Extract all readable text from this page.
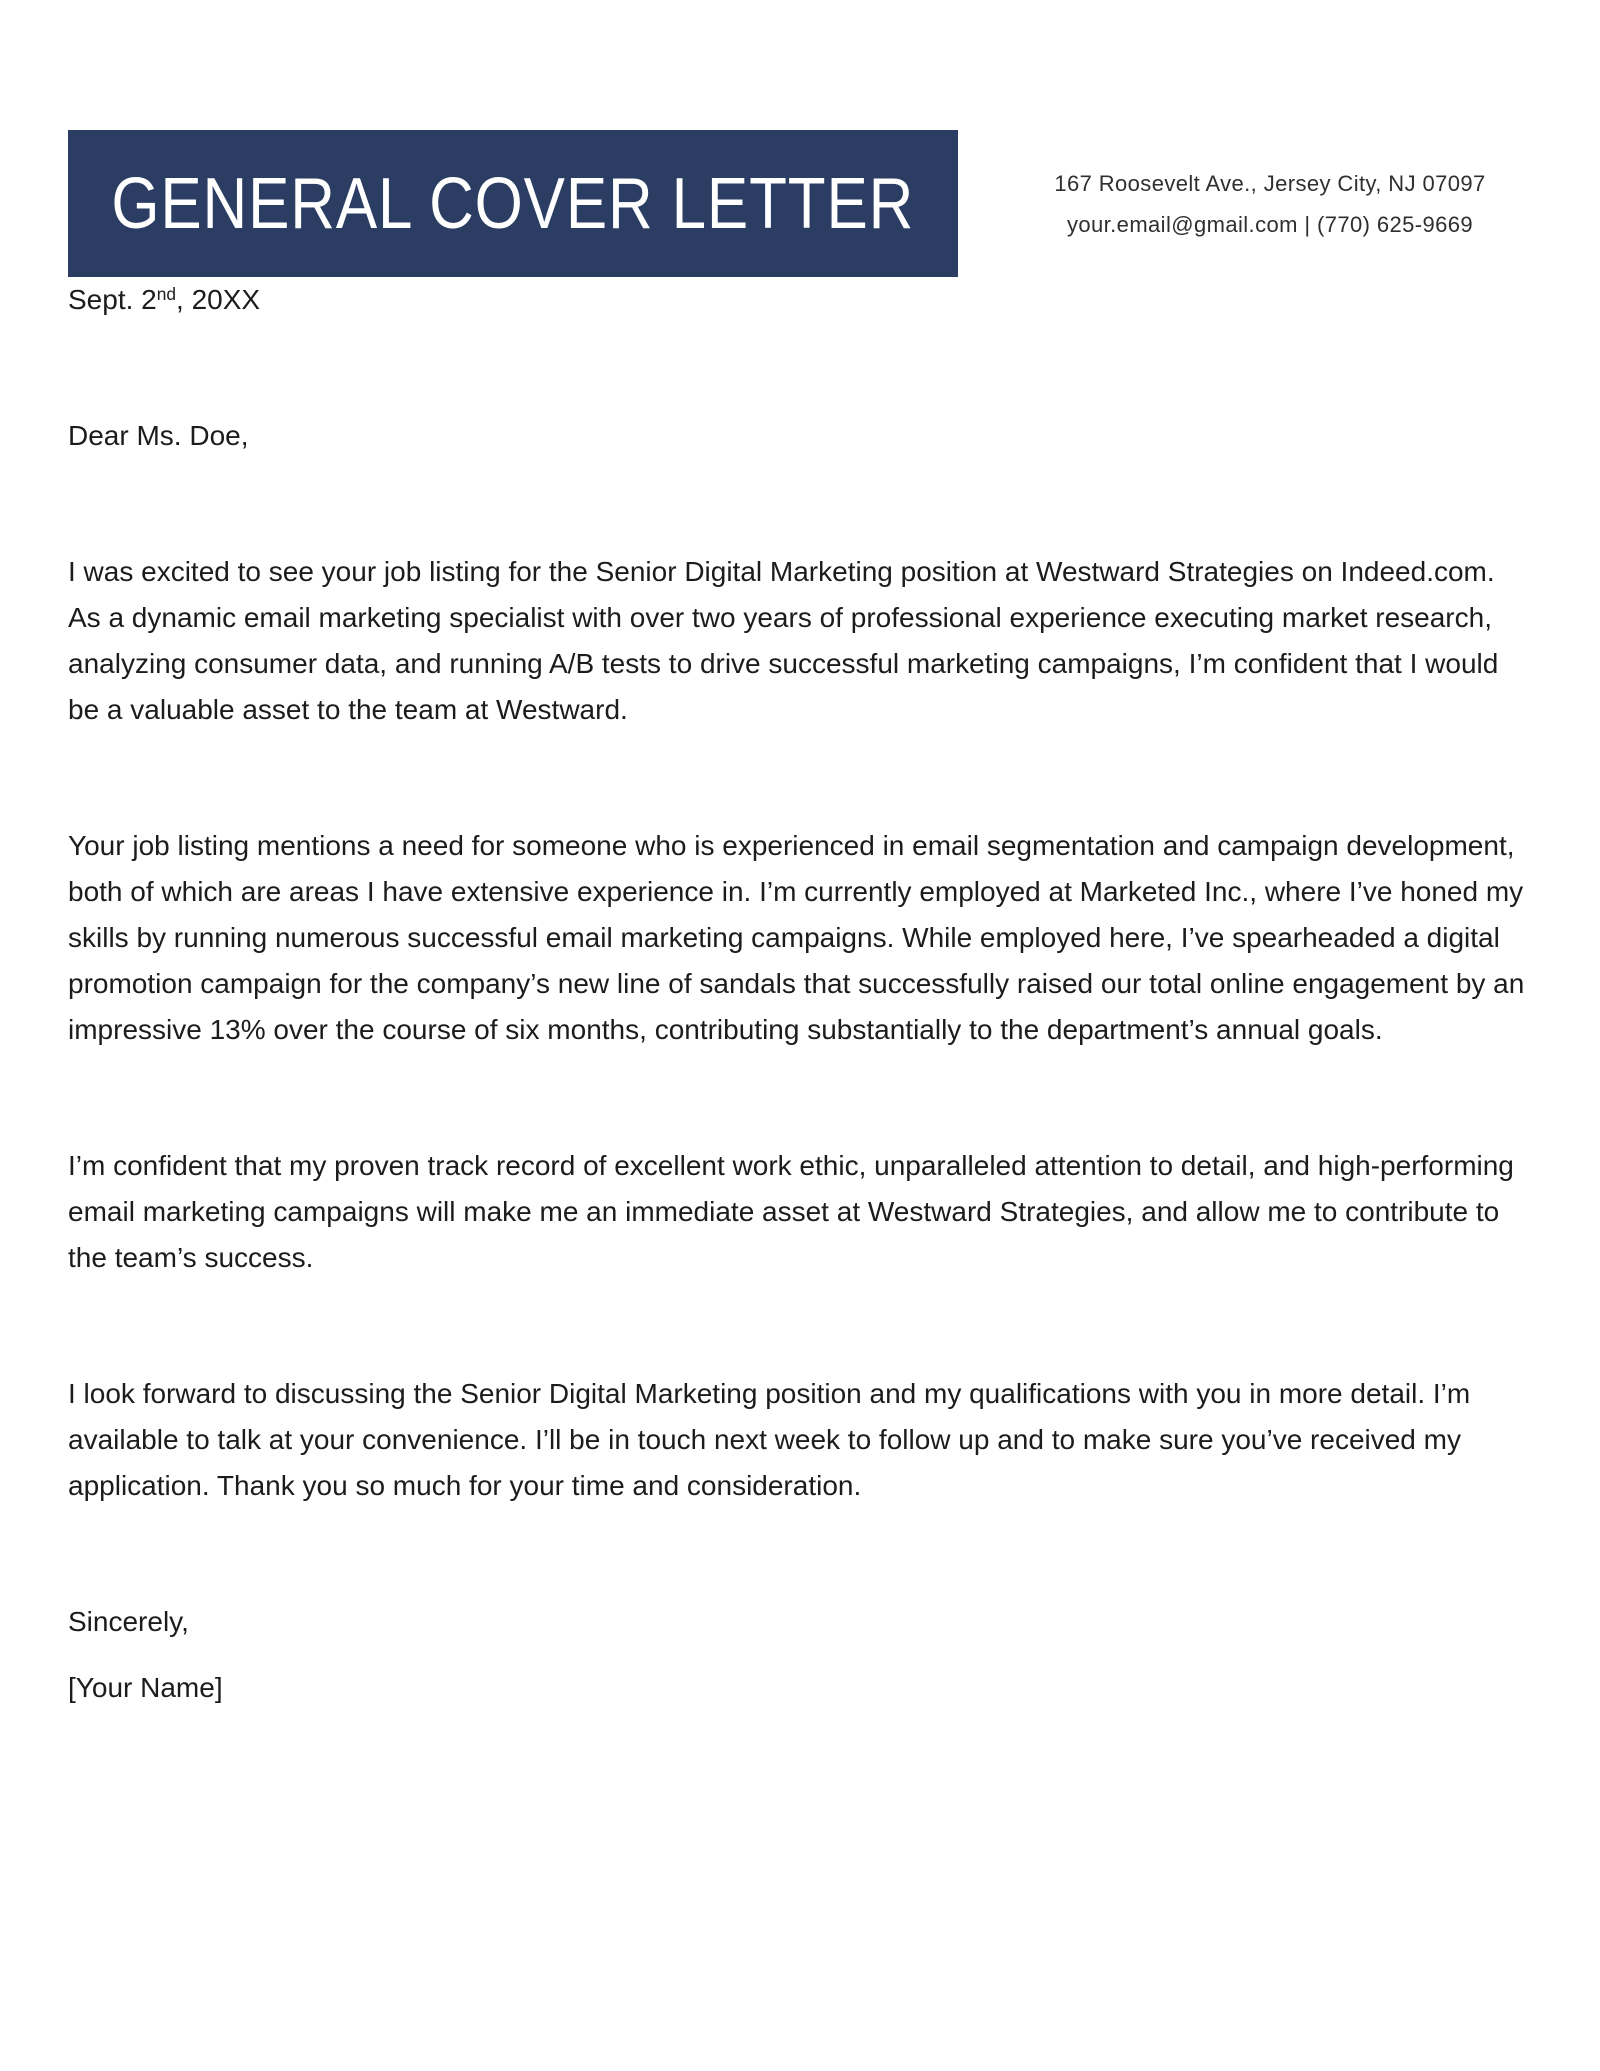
GENERAL COVER LETTER	167 Roosevelt Ave., Jersey City, NJ 07097
your.email@gmail.com | (770) 625-9669

Sept. 2nd, 20XX

Dear Ms. Doe,

I was excited to see your job listing for the Senior Digital Marketing position at Westward Strategies on Indeed.com. As a dynamic email marketing specialist with over two years of professional experience executing market research, analyzing consumer data, and running A/B tests to drive successful marketing campaigns, I’m confident that I would be a valuable asset to the team at Westward.

Your job listing mentions a need for someone who is experienced in email segmentation and campaign development, both of which are areas I have extensive experience in. I’m currently employed at Marketed Inc., where I’ve honed my skills by running numerous successful email marketing campaigns. While employed here, I’ve spearheaded a digital promotion campaign for the company’s new line of sandals that successfully raised our total online engagement by an impressive 13% over the course of six months, contributing substantially to the department’s annual goals.

I’m confident that my proven track record of excellent work ethic, unparalleled attention to detail, and high-performing email marketing campaigns will make me an immediate asset at Westward Strategies, and allow me to contribute to the team’s success.

I look forward to discussing the Senior Digital Marketing position and my qualifications with you in more detail. I’m available to talk at your convenience. I’ll be in touch next week to follow up and to make sure you’ve received my application. Thank you so much for your time and consideration.

Sincerely,

[Your Name]
